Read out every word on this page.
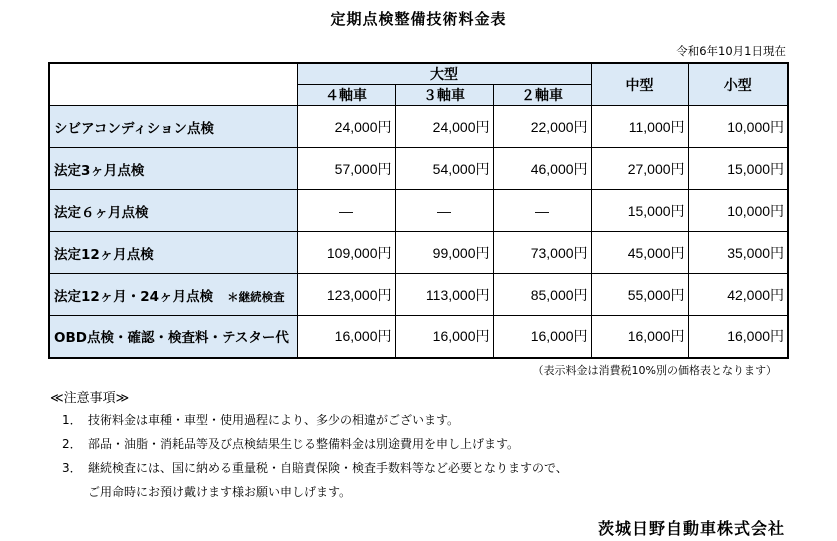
定期点検整備技術料金表
令和6年10月1日現在
	大型			中型	小型
	４軸車	３軸車	２軸車		
シビアコンディション点検	24,000円	24,000円	22,000円	11,000円	10,000円
法定3ヶ月点検	57,000円	54,000円	46,000円	27,000円	15,000円
法定６ヶ月点検	—	—	—	15,000円	10,000円
法定12ヶ月点検	109,000円	99,000円	73,000円	45,000円	35,000円
法定12ヶ月・24ヶ月点検 ＊継続検査	123,000円	113,000円	85,000円	55,000円	42,000円
OBD点検・確認・検査料・テスター代	16,000円	16,000円	16,000円	16,000円	16,000円
（表示料金は消費税10%別の価格表となります）
≪注意事項≫
1． 技術料金は車種・車型・使用過程により、多少の相違がございます。
2． 部品・油脂・消耗品等及び点検結果生じる整備料金は別途費用を申し上げます。
3． 継続検査には、国に納める重量税・自賠責保険・検査手数料等など必要となりますので、
ご用命時にお預け戴けます様お願い申しげます。
茨城日野自動車株式会社
